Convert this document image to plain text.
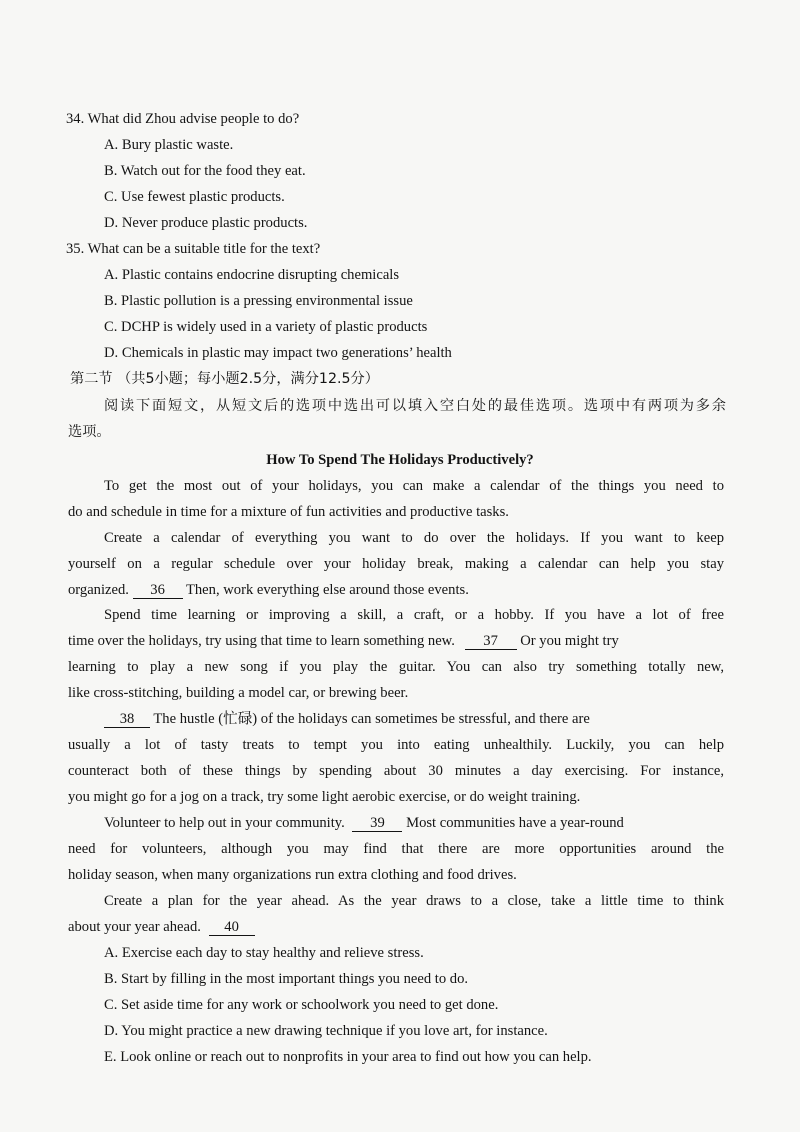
34. What did Zhou advise people to do?
A. Bury plastic waste.
B. Watch out for the food they eat.
C. Use fewest plastic products.
D. Never produce plastic products.
35. What can be a suitable title for the text?
A. Plastic contains endocrine disrupting chemicals
B. Plastic pollution is a pressing environmental issue
C. DCHP is widely used in a variety of plastic products
D. Chemicals in plastic may impact two generations’ health
第二节 （共5小题；每小题2.5分，满分12.5分）
阅读下面短文，从短文后的选项中选出可以填入空白处的最佳选项。选项中有两项为多余
选项。
How To Spend The Holidays Productively?
To get the most out of your holidays, you can make a calendar of the things you need to
do and schedule in time for a mixture of fun activities and productive tasks.
Create a calendar of everything you want to do over the holidays. If you want to keep
yourself on a regular schedule over your holiday break, making a calendar can help you stay
organized. 36 Then, work everything else around those events.
Spend time learning or improving a skill, a craft, or a hobby. If you have a lot of free
time over the holidays, try using that time to learn something new. 37 Or you might try
learning to play a new song if you play the guitar. You can also try something totally new,
like cross-stitching, building a model car, or brewing beer.
38 The hustle (忙碌) of the holidays can sometimes be stressful, and there are
usually a lot of tasty treats to tempt you into eating unhealthily. Luckily, you can help
counteract both of these things by spending about 30 minutes a day exercising. For instance,
you might go for a jog on a track, try some light aerobic exercise, or do weight training.
Volunteer to help out in your community. 39 Most communities have a year-round
need for volunteers, although you may find that there are more opportunities around the
holiday season, when many organizations run extra clothing and food drives.
Create a plan for the year ahead. As the year draws to a close, take a little time to think
about your year ahead. 40
A. Exercise each day to stay healthy and relieve stress.
B. Start by filling in the most important things you need to do.
C. Set aside time for any work or schoolwork you need to get done.
D. You might practice a new drawing technique if you love art, for instance.
E. Look online or reach out to nonprofits in your area to find out how you can help.
